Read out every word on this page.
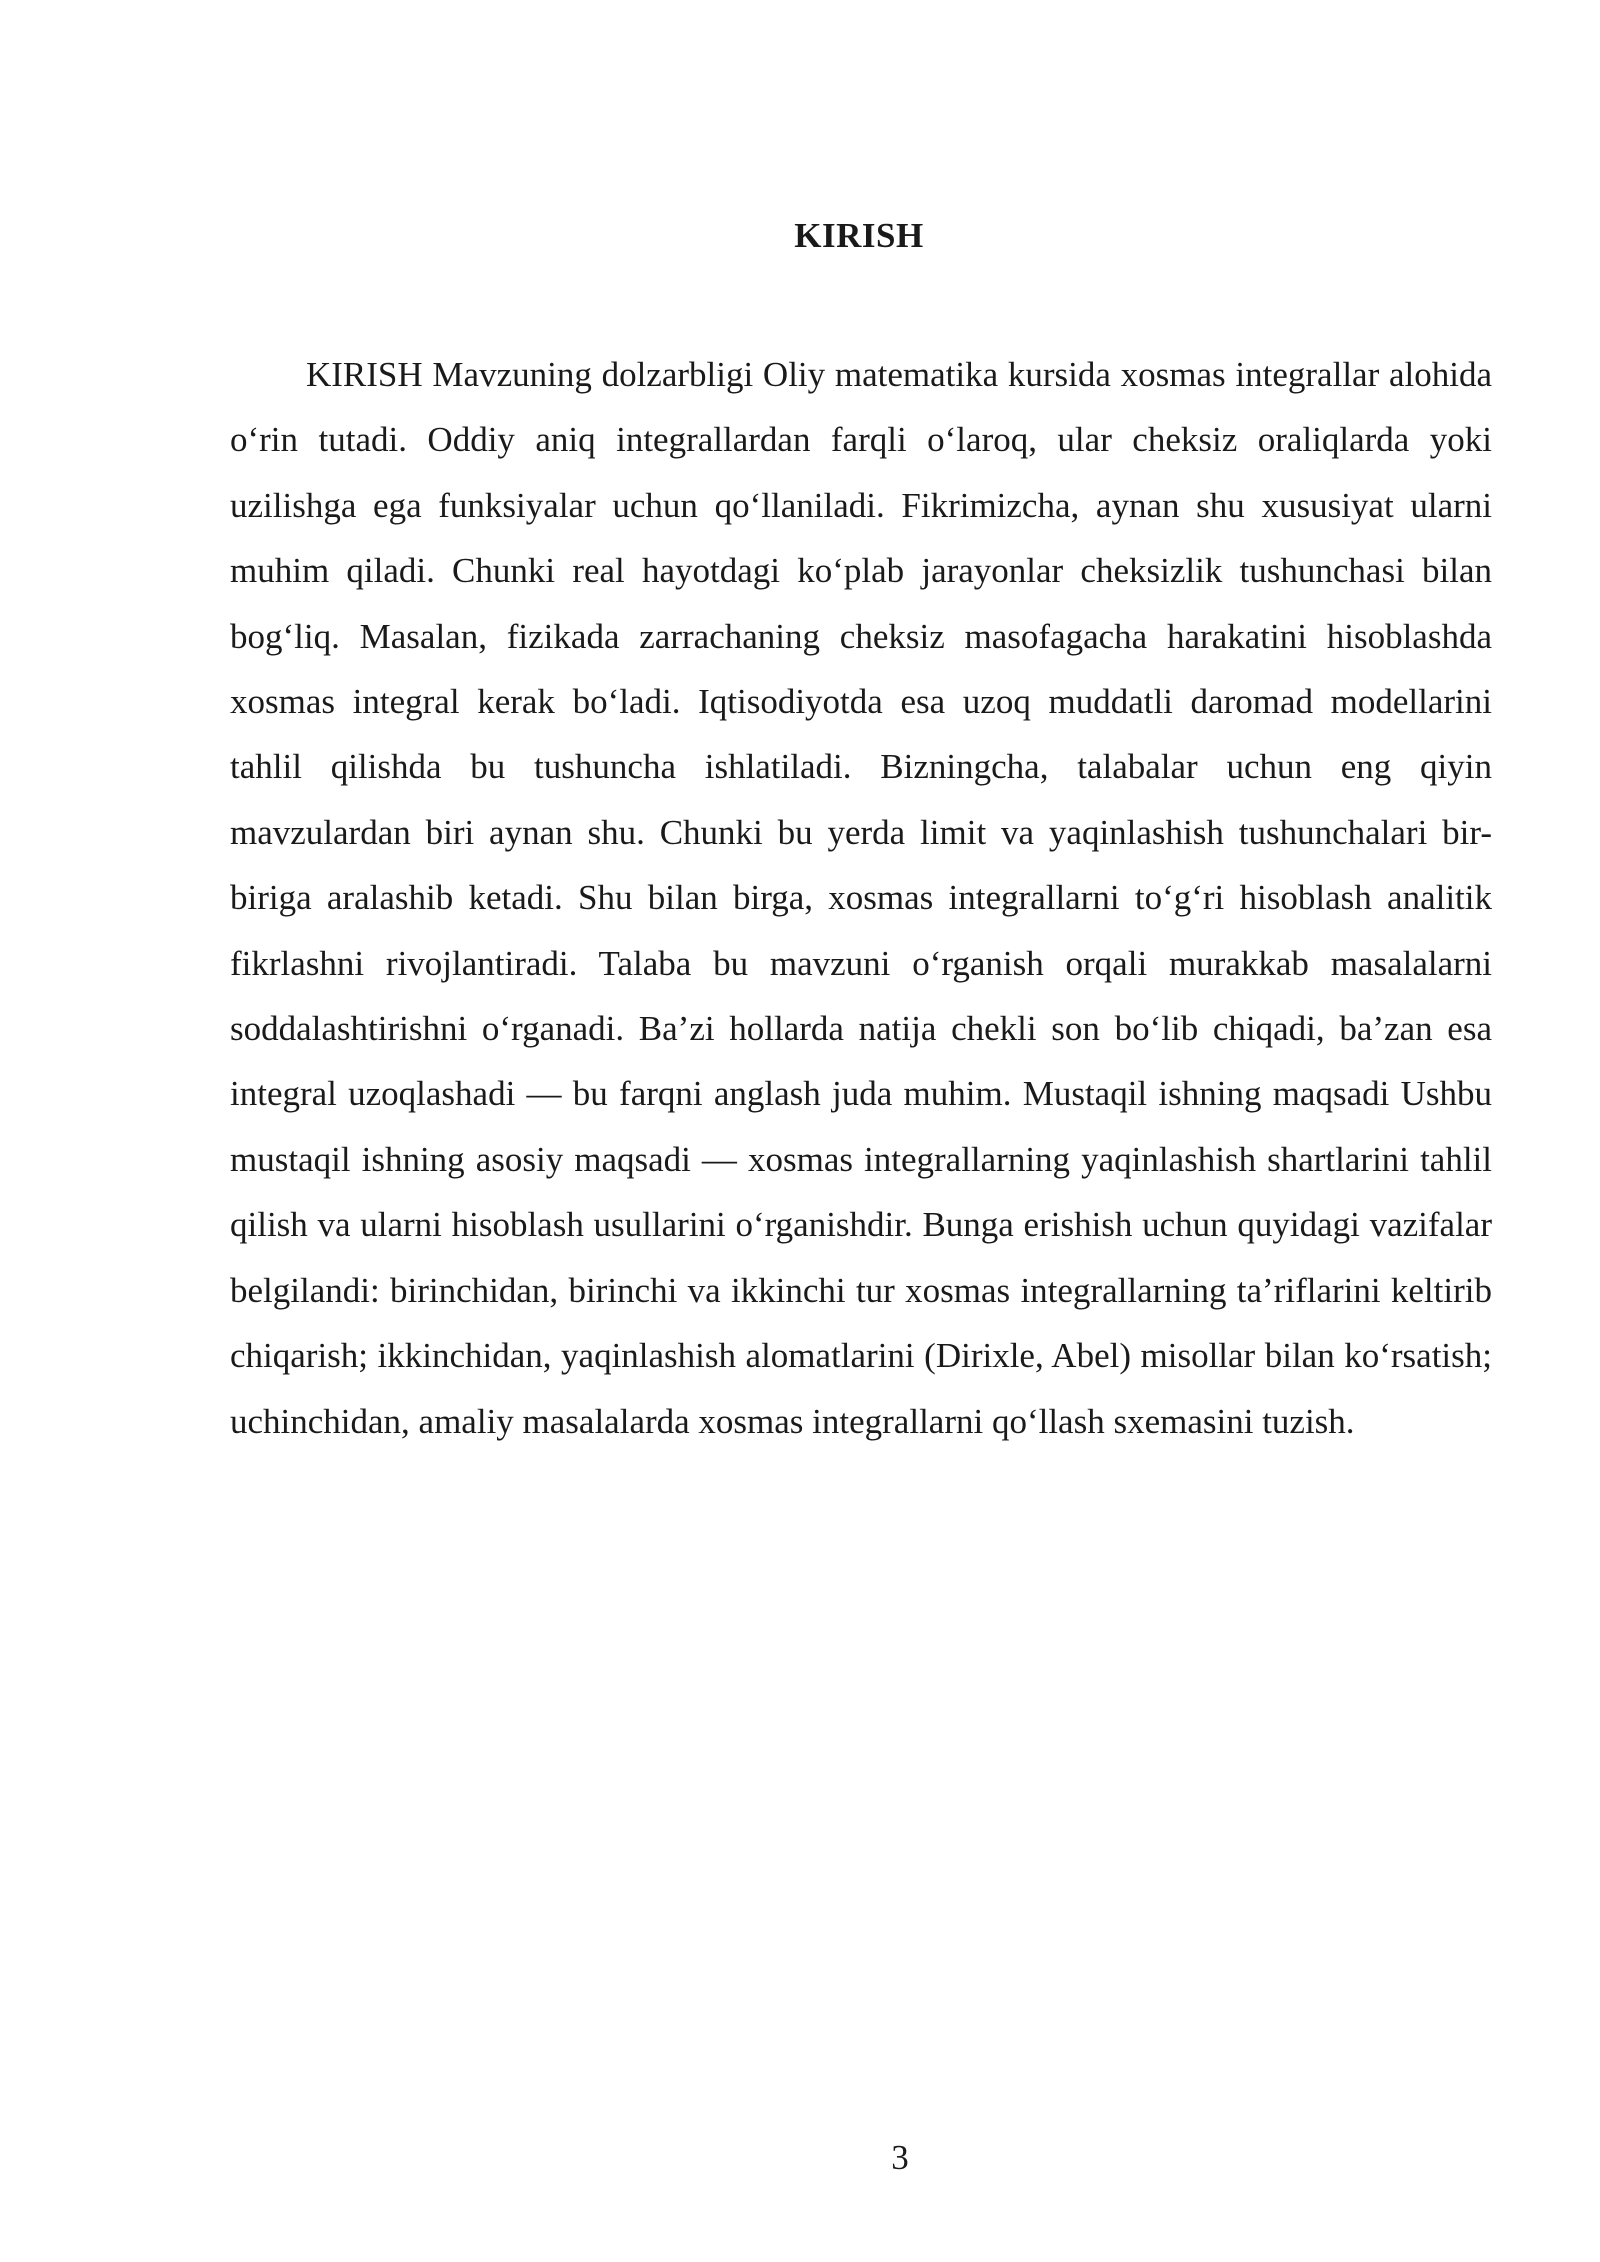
KIRISH

KIRISH Mavzuning dolzarbligi Oliy matematika kursida xosmas integrallar alohida o‘rin tutadi. Oddiy aniq integrallardan farqli o‘laroq, ular cheksiz oraliqlarda yoki uzilishga ega funksiyalar uchun qo‘llaniladi. Fikrimizcha, aynan shu xususiyat ularni muhim qiladi. Chunki real hayotdagi ko‘plab jarayonlar cheksizlik tushunchasi bilan bog‘liq. Masalan, fizikada zarrachaning cheksiz masofagacha harakatini hisoblashda xosmas integral kerak bo‘ladi. Iqtisodiyotda esa uzoq muddatli daromad modellarini tahlil qilishda bu tushuncha ishlatiladi. Bizningcha, talabalar uchun eng qiyin mavzulardan biri aynan shu. Chunki bu yerda limit va yaqinlashish tushunchalari bir-biriga aralashib ketadi. Shu bilan birga, xosmas integrallarni to‘g‘ri hisoblash analitik fikrlashni rivojlantiradi. Talaba bu mavzuni o‘rganish orqali murakkab masalalarni soddalashtirishni o‘rganadi. Ba’zi hollarda natija chekli son bo‘lib chiqadi, ba’zan esa integral uzoqlashadi — bu farqni anglash juda muhim. Mustaqil ishning maqsadi Ushbu mustaqil ishning asosiy maqsadi — xosmas integrallarning yaqinlashish shartlarini tahlil qilish va ularni hisoblash usullarini o‘rganishdir. Bunga erishish uchun quyidagi vazifalar belgilandi: birinchidan, birinchi va ikkinchi tur xosmas integrallarning ta’riflarini keltirib chiqarish; ikkinchidan, yaqinlashish alomatlarini (Dirixle, Abel) misollar bilan ko‘rsatish; uchinchidan, amaliy masalalarda xosmas integrallarni qo‘llash sxemasini tuzish.

3
